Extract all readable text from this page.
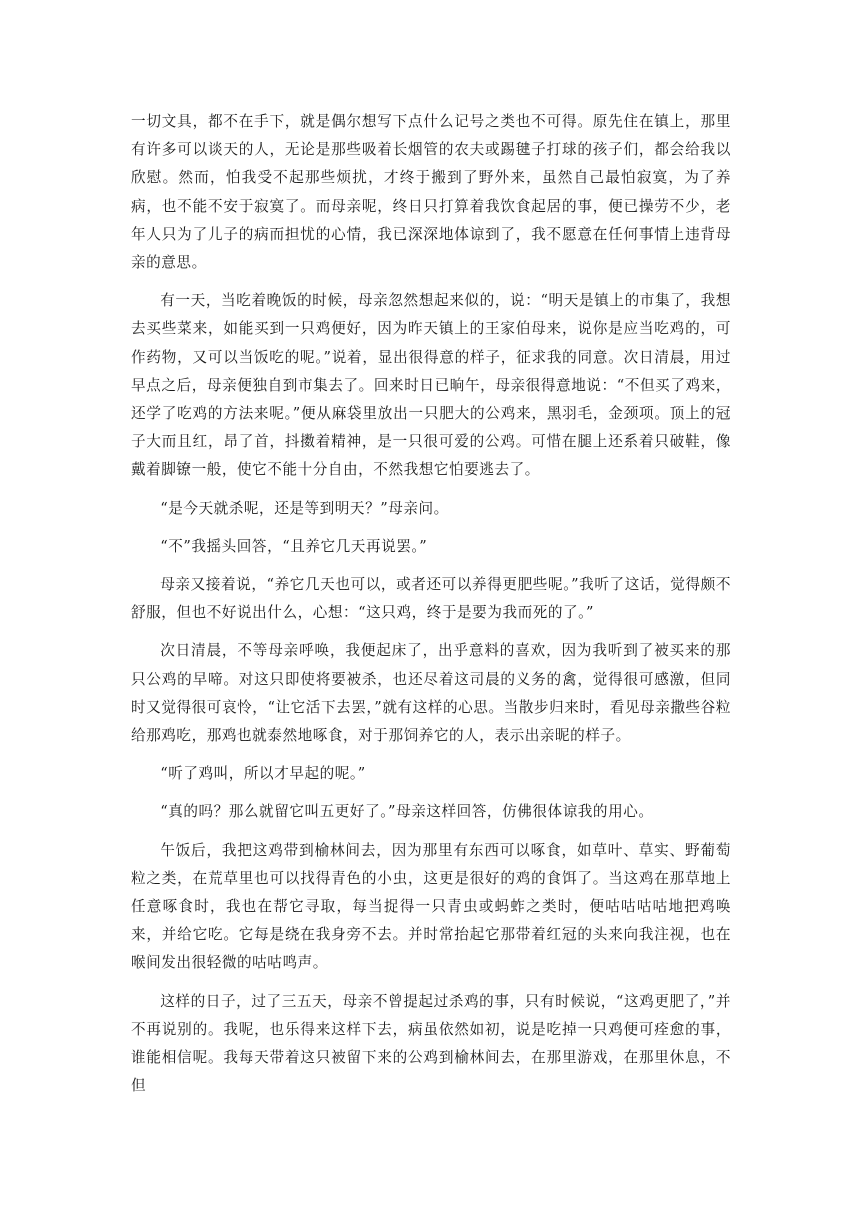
一切文具，都不在手下，就是偶尔想写下点什么记号之类也不可得。原先住在镇上，那里有许多可以谈天的人，无论是那些吸着长烟管的农夫或踢毽子打球的孩子们，都会给我以欣慰。然而，怕我受不起那些烦扰，才终于搬到了野外来，虽然自己最怕寂寞，为了养病，也不能不安于寂寞了。而母亲呢，终日只打算着我饮食起居的事，便已操劳不少，老年人只为了儿子的病而担忧的心情，我已深深地体谅到了，我不愿意在任何事情上违背母亲的意思。

有一天，当吃着晚饭的时候，母亲忽然想起来似的，说：“明天是镇上的市集了，我想去买些菜来，如能买到一只鸡便好，因为昨天镇上的王家伯母来，说你是应当吃鸡的，可作药物，又可以当饭吃的呢。”说着，显出很得意的样子，征求我的同意。次日清晨，用过早点之后，母亲便独自到市集去了。回来时日已晌午，母亲很得意地说：“不但买了鸡来，还学了吃鸡的方法来呢。”便从麻袋里放出一只肥大的公鸡来，黑羽毛，金颈项。顶上的冠子大而且红，昂了首，抖擞着精神，是一只很可爱的公鸡。可惜在腿上还系着只破鞋，像戴着脚镣一般，使它不能十分自由，不然我想它怕要逃去了。

“是今天就杀呢，还是等到明天？”母亲问。

“不”我摇头回答，“且养它几天再说罢。”

母亲又接着说，“养它几天也可以，或者还可以养得更肥些呢。”我听了这话，觉得颇不舒服，但也不好说出什么，心想：“这只鸡，终于是要为我而死的了。”

次日清晨，不等母亲呼唤，我便起床了，出乎意料的喜欢，因为我听到了被买来的那只公鸡的早啼。对这只即使将要被杀，也还尽着这司晨的义务的禽，觉得很可感激，但同时又觉得很可哀怜，“让它活下去罢，”就有这样的心思。当散步归来时，看见母亲撒些谷粒给那鸡吃，那鸡也就泰然地啄食，对于那饲养它的人，表示出亲昵的样子。

“听了鸡叫，所以才早起的呢。”

“真的吗？那么就留它叫五更好了。”母亲这样回答，仿佛很体谅我的用心。

午饭后，我把这鸡带到榆林间去，因为那里有东西可以啄食，如草叶、草实、野葡萄粒之类，在荒草里也可以找得青色的小虫，这更是很好的鸡的食饵了。当这鸡在那草地上任意啄食时，我也在帮它寻取，每当捉得一只青虫或蚂蚱之类时，便咕咕咕咕地把鸡唤来，并给它吃。它每是绕在我身旁不去。并时常抬起它那带着红冠的头来向我注视，也在喉间发出很轻微的咕咕鸣声。

这样的日子，过了三五天，母亲不曾提起过杀鸡的事，只有时候说，“这鸡更肥了，”并不再说别的。我呢，也乐得来这样下去，病虽依然如初，说是吃掉一只鸡便可痊愈的事，谁能相信呢。我每天带着这只被留下来的公鸡到榆林间去，在那里游戏，在那里休息，不但
